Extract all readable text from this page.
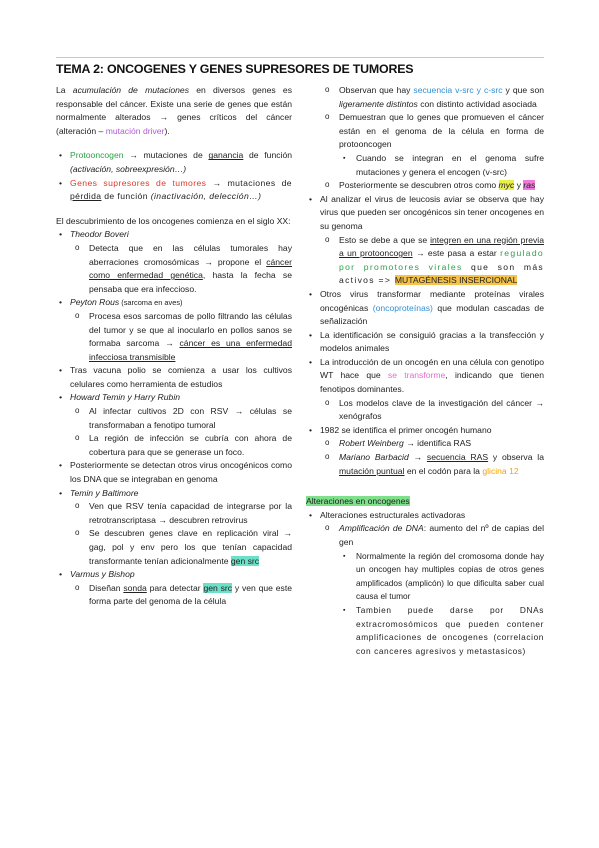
TEMA 2: ONCOGENES Y GENES SUPRESORES DE TUMORES

La acumulación de mutaciones en diversos genes es responsable del cáncer. Existe una serie de genes que están normalmente alterados → genes críticos del cáncer (alteración – mutación driver).

• Protooncogen → mutaciones de ganancia de función (activación, sobreexpresión…)
• Genes supresores de tumores → mutaciones de pérdida de función (inactivación, delección…)

El descubrimiento de los oncogenes comienza en el siglo XX:

• Theodor Boveri
o Detecta que en las células tumorales hay aberraciones cromosómicas → propone el cáncer como enfermedad genética, hasta la fecha se pensaba que era infeccioso.
• Peyton Rous (sarcoma en aves)
o Procesa esos sarcomas de pollo filtrando las células del tumor y se que al inocularlo en pollos sanos se formaba sarcoma → cáncer es una enfermedad infecciosa transmisible
• Tras vacuna polio se comienza a usar los cultivos celulares como herramienta de estudios
• Howard Temin y Harry Rubin
o Al infectar cultivos 2D con RSV → células se transformaban a fenotipo tumoral
o La región de infección se cubría con ahora de cobertura para que se generase un foco.
• Posteriormente se detectan otros virus oncogénicos como los DNA que se integraban en genoma
• Temin y Baltimore
o Ven que RSV tenía capacidad de integrarse por la retrotranscriptasa → descubren retrovirus
o Se descubren genes clave en replicación viral → gag, pol y env pero los que tenían capacidad transformante tenían adicionalmente gen src
• Varmus y Bishop
o Diseñan sonda para detectar gen src y ven que este forma parte del genoma de la célula
o Observan que hay secuencia v-src y c-src y que son ligeramente distintos con distinto actividad asociada
o Demuestran que lo genes que promueven el cáncer están en el genoma de la célula en forma de protooncogen
▪ Cuando se integran en el genoma sufre mutaciones y genera el encogen (v-src)
o Posteriormente se descubren otros como myc y ras
• Al analizar el virus de leucosis aviar se observa que hay virus que pueden ser oncogénicos sin tener oncogenes en su genoma
o Esto se debe a que se integren en una región previa a un protooncogen → este pasa a estar regulado por promotores virales que son más activos => MUTAGÉNESIS INSERCIONAL
• Otros virus transformar mediante proteínas virales oncogénicas (oncoproteínas) que modulan cascadas de señalización
• La identificación se consiguió gracias a la transfección y modelos animales
• La introducción de un oncogén en una célula con genotipo WT hace que se transforme, indicando que tienen fenotipos dominantes.
o Los modelos clave de la investigación del cáncer → xenógrafos
• 1982 se identifica el primer oncogén humano
o Robert Weinberg → identifica RAS
o Mariano Barbacid → secuencia RAS y observa la mutación puntual en el codón para la glicina 12

Alteraciones en oncogenes

• Alteraciones estructurales activadoras
o Amplificación de DNA: aumento del nº de capias del gen
▪ Normalmente la región del cromosoma donde hay un oncogen hay multiples copias de otros genes amplificados (amplicón) lo que dificulta saber cual causa el tumor
▪ Tambien puede darse por DNAs extracromosómicos que pueden contener amplificaciones de oncogenes (correlacion con canceres agresivos y metastasicos)
